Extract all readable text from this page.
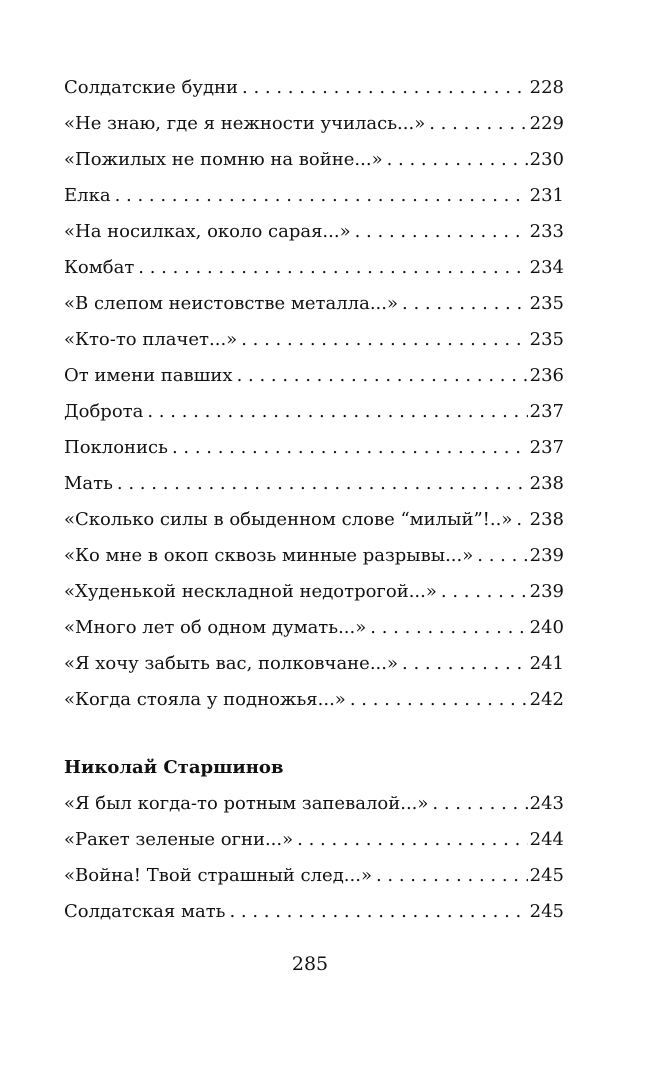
Солдатские будни . . .	228
«Не знаю, где я нежности училась...» . . .	229
«Пожилых не помню на войне...» . . .	230
Елка . . .	231
«На носилках, около сарая...» . . .	233
Комбат . . .	234
«В слепом неистовстве металла...» . . .	235
«Кто-то плачет...» . . .	235
От имени павших . . .	236
Доброта . . .	237
Поклонись . . .	237
Мать . . .	238
«Сколько силы в обыденном слове “милый”!..» . . . 238
«Ко мне в окоп сквозь минные разрывы...» . . .	239
«Худенькой нескладной недотрогой...» . . .	239
«Много лет об одном думать...» . . .	240
«Я хочу забыть вас, полковчане...» . . .	241
«Когда стояла у подножья...» . . .	242
Николай Старшинов
«Я был когда-то ротным запевалой...» . . .	243
«Ракет зеленые огни...» . . .	244
«Война! Твой страшный след...» . . .	245
Солдатская мать . . .	245
285
